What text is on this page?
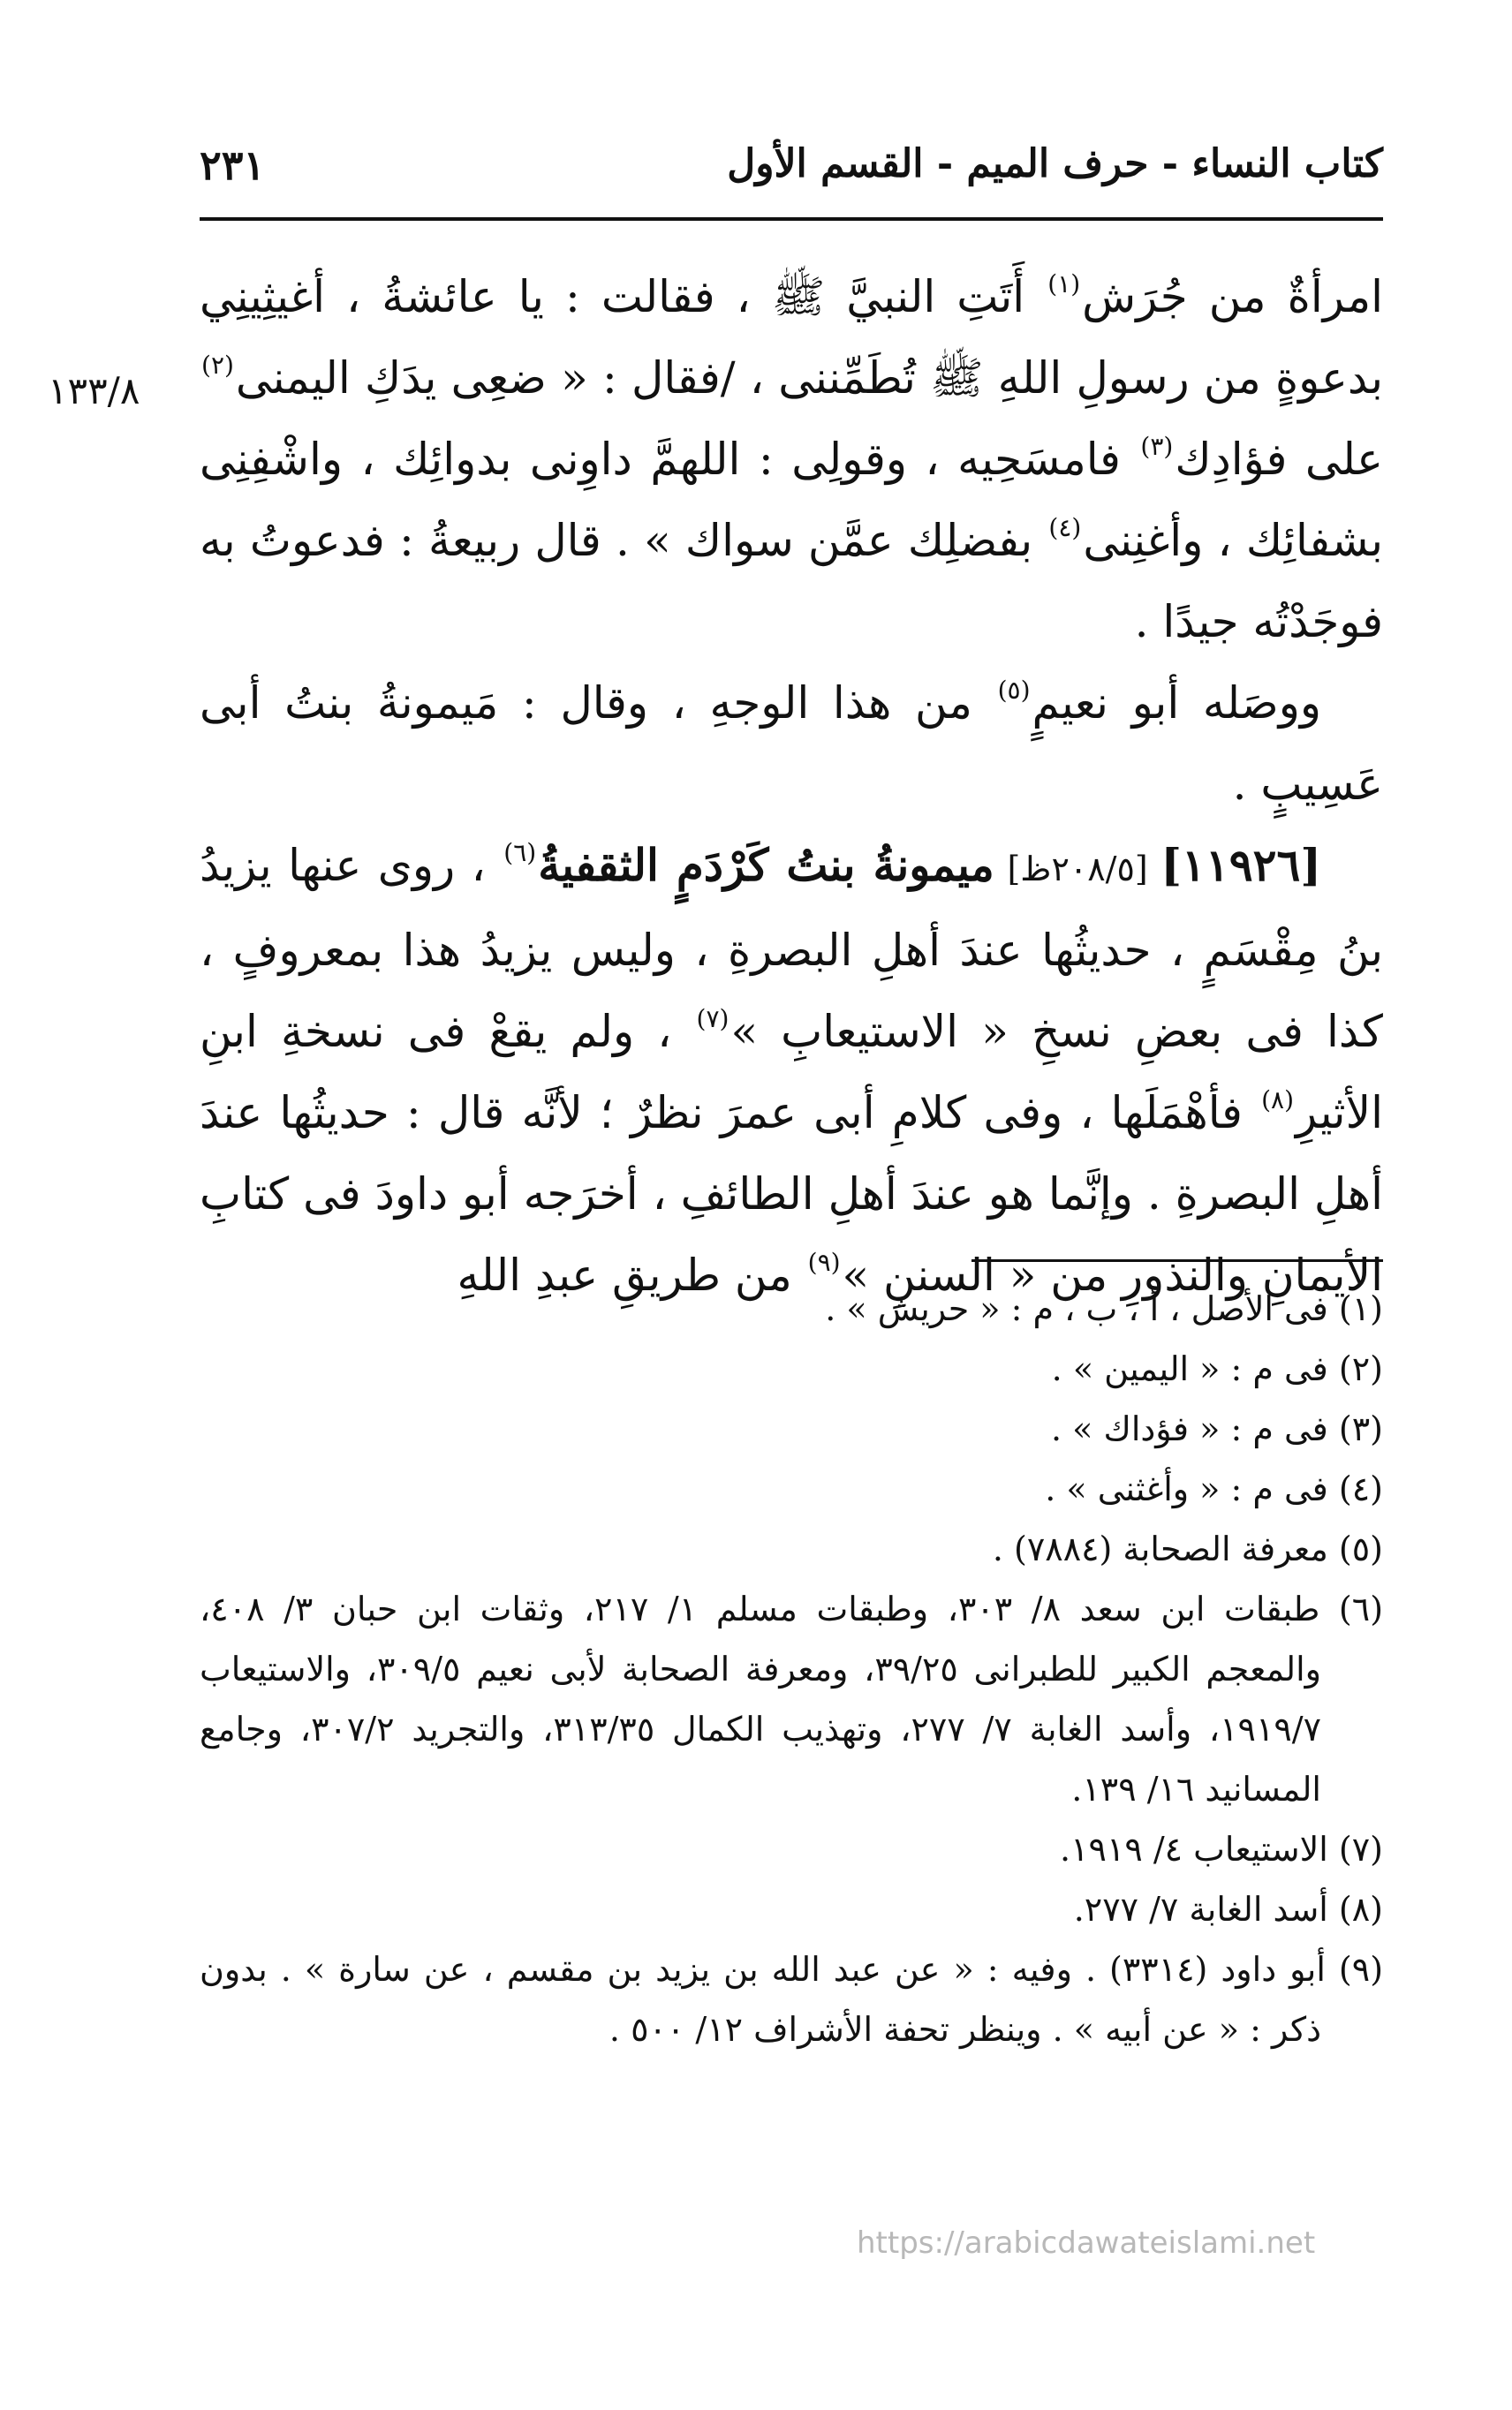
كتاب النساء - حرف الميم - القسم الأول
٢٣١
١٣٣/٨

امرأةٌ من جُرَش$^{(١)}$ أَتَتِ النبيَّ ﷺ ، فقالت : يا عائشةُ ، أغيثِينِي بدعوةٍ من رسولِ اللهِ ﷺ تُطَمِّننى ، /فقال : « ضعِى يدَكِ اليمنى$^{(٢)}$ على فؤادِك$^{(٣)}$ فامسَحِيه ، وقولِى : اللهمَّ داوِنى بدوائِك ، واشْفِنِى بشفائِك ، وأغنِنى$^{(٤)}$ بفضلِك عمَّن سواك » . قال ربيعةُ : فدعوتُ به فوجَدْتُه جيدًا .

ووصَله أبو نعيمٍ$^{(٥)}$ من هذا الوجهِ ، وقال : مَيمونةُ بنتُ أبى عَسِيبٍ .

[١١٩٢٦] [٢٠٨/٥ظ] ميمونةُ بنتُ كَرْدَمٍ الثقفيةُ$^{(٦)}$ ، روى عنها يزيدُ بنُ مِقْسَمٍ ، حديثُها عندَ أهلِ البصرةِ ، وليس يزيدُ هذا بمعروفٍ ، كذا فى بعضِ نسخِ « الاستيعابِ »$^{(٧)}$ ، ولم يقعْ فى نسخةِ ابنِ الأثيرِ$^{(٨)}$ فأهْمَلَها ، وفى كلامِ أبى عمرَ نظرٌ ؛ لأنَّه قال : حديثُها عندَ أهلِ البصرةِ . وإنَّما هو عندَ أهلِ الطائفِ ، أخرَجه أبو داودَ فى كتابِ الأيمانِ والنذورِ من « السننِ »$^{(٩)}$ من طريقِ عبدِ اللهِ

(١) فى الأصل ، أ ، ب ، م : « حريش » .

(٢) فى م : « اليمين » .

(٣) فى م : « فؤداك » .

(٤) فى م : « وأغثنى » .

(٥) معرفة الصحابة (٧٨٨٤) .

(٦) طبقات ابن سعد ٨/ ٣٠٣، وطبقات مسلم ١/ ٢١٧، وثقات ابن حبان ٣/ ٤٠٨، والمعجم الكبير للطبرانى ٣٩/٢٥، ومعرفة الصحابة لأبى نعيم ٣٠٩/٥، والاستيعاب ١٩١٩/٧، وأسد الغابة ٧/ ٢٧٧، وتهذيب الكمال ٣١٣/٣٥، والتجريد ٣٠٧/٢، وجامع المسانيد ١٦/ ١٣٩.

(٧) الاستيعاب ٤/ ١٩١٩.

(٨) أسد الغابة ٧/ ٢٧٧.

(٩) أبو داود (٣٣١٤) . وفيه : « عن عبد الله بن يزيد بن مقسم ، عن سارة » . بدون ذكر : « عن أبيه » . وينظر تحفة الأشراف ١٢/ ٥٠٠ .

https://arabicdawateislami.net
